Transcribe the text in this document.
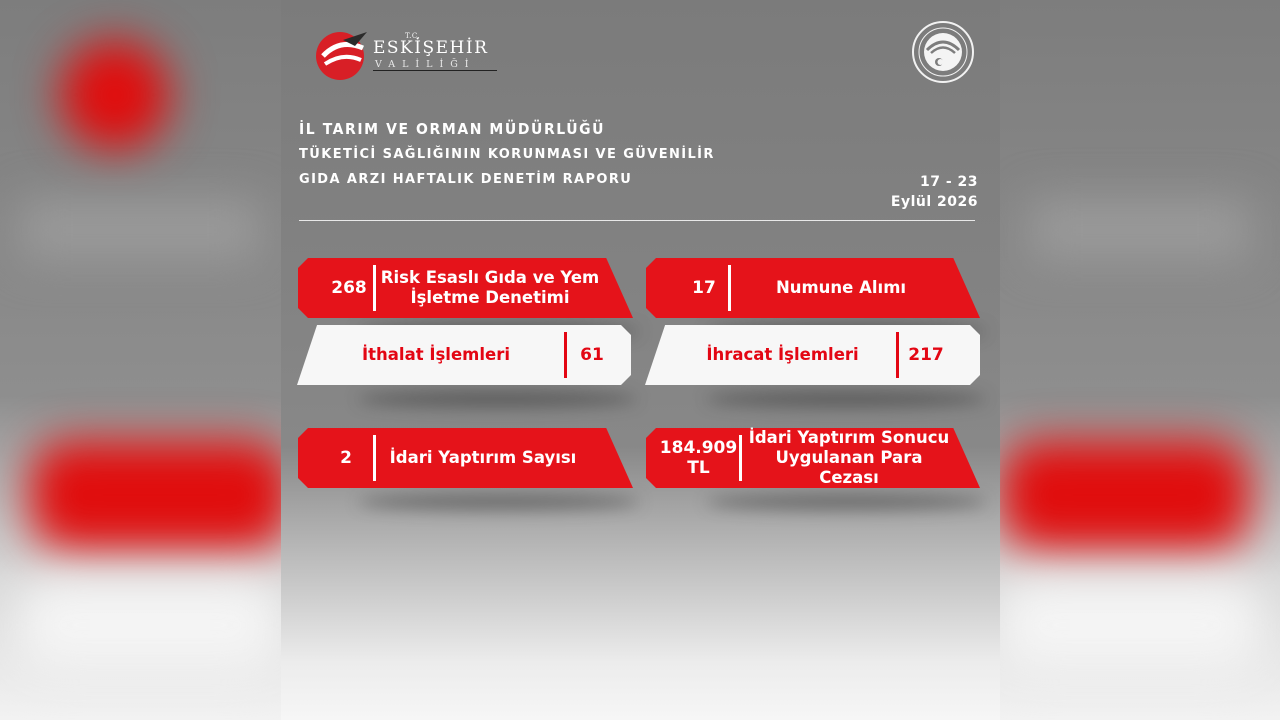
T.C.
ESKİŞEHİR
VALİLİĞİ
İL TARIM VE ORMAN MÜDÜRLÜĞÜ
TÜKETİCİ SAĞLIĞININ KORUNMASI VE GÜVENİLİR
GIDA ARZI HAFTALIK DENETİM RAPORU	17 - 23
Eylül 2026
268
Risk Esaslı Gıda ve Yem
İşletme Denetimi	17	Numune Alımı
İthalat İşlemleri	61	İhracat İşlemleri	217
2	İdari Yaptırım Sayısı	184.909
TL
İdari Yaptırım Sonucu
Uygulanan Para Cezası
